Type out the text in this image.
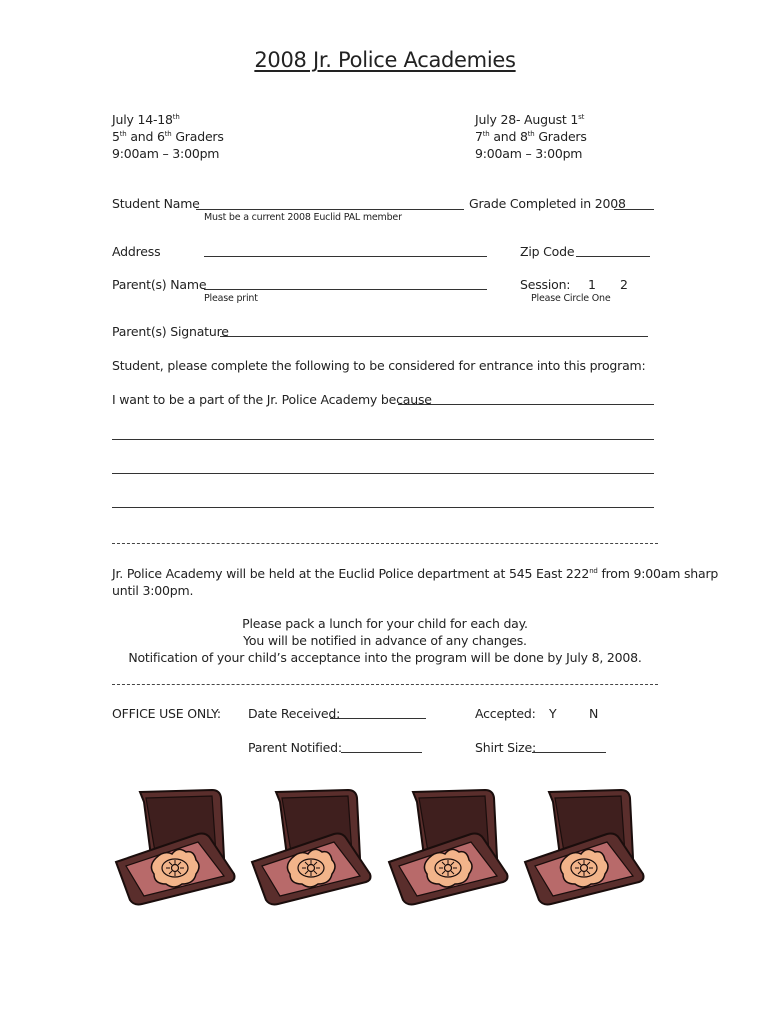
2008 Jr. Police Academies
July 14-18th
5th and 6th Graders
9:00am – 3:00pm
July 28- August 1st
7th and 8th Graders
9:00am – 3:00pm
Student Name	Grade Completed in 2008
Must be a current 2008 Euclid PAL member
Address	Zip Code
Parent(s) Name
Please print
Session: 1 2
Please Circle One
Parent(s) Signature
Student, please complete the following to be considered for entrance into this program:
I want to be a part of the Jr. Police Academy because
Jr. Police Academy will be held at the Euclid Police department at 545 East 222nd from 9:00am sharp
until 3:00pm.
Please pack a lunch for your child for each day.
You will be notified in advance of any changes.
Notification of your child’s acceptance into the program will be done by July 8, 2008.
OFFICE USE ONLY: Date Received:	Accepted: Y	N
Parent Notified:	Shirt Size:
